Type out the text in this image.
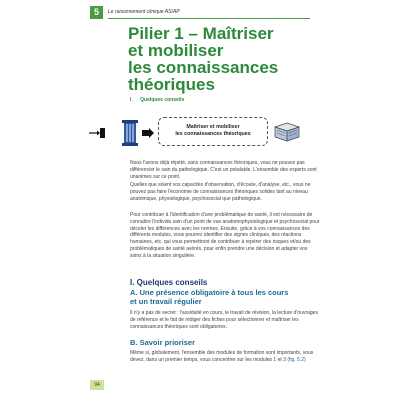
5	Le raisonnement clinique AS/AP
Pilier 1 – Maîtriser
et mobiliser
les connaissances
théoriques
I. Quelques conseils
Maîtriser et mobiliser
les connaissances théoriques

Nous l'avons déjà répété, sans connaissances théoriques, vous ne pouvez pas différencier le sain du pathologique. C'est un préalable. L'ensemble des experts sont unanimes sur ce point.

Quelles que soient vos capacités d'observation, d'écoute, d'analyse, etc., vous ne pouvez pas faire l'économie de connaissances théoriques solides tant au niveau anatomique, physiologique, psychosocial que pathologique.

Pour contribuer à l'identification d'une problématique de santé, il est nécessaire de connaître l'individu sain d'un point de vue anatomophysiologique et psychosocial pour déceler les différences avec les normes. Ensuite, grâce à vos connaissances des différents modules, vous pourrez identifier des signes cliniques, des réactions humaines, etc. qui vous permettront de contribuer à repérer des risques et/ou des problématiques de santé avérés, pour enfin prendre une décision et adapter vos soins à la situation singulière.

I. Quelques conseils
A. Une présence obligatoire à tous les cours
et un travail régulier

Il n'y a pas de secret : l'assiduité en cours, le travail de révision, la lecture d'ouvrages de référence et le fait de rédiger des fiches pour sélectionner et maîtriser les connaissances théoriques sont obligatoires.

B. Savoir prioriser

Même si, globalement, l'ensemble des modules de formation sont importants, vous devez, dans un premier temps, vous concentrer sur les modules 1 et 3 (fig. 5.2)

94
